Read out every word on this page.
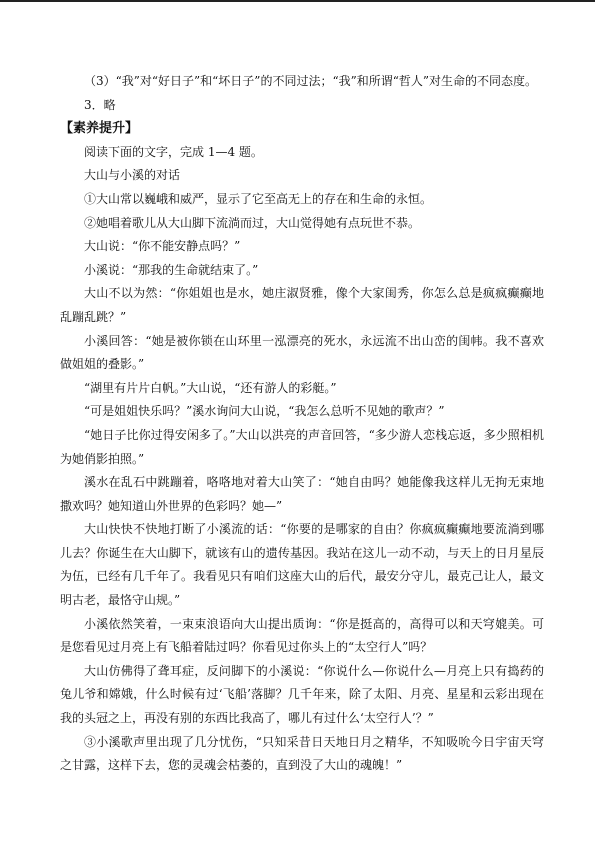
（3）“我”对“好日子”和“坏日子”的不同过法；“我”和所谓“哲人”对生命的不同态度。

3．略

【素养提升】

阅读下面的文字，完成 1—4 题。

大山与小溪的对话

①大山常以巍峨和威严，显示了它至高无上的存在和生命的永恒。

②她唱着歌儿从大山脚下流淌而过，大山觉得她有点玩世不恭。

大山说：“你不能安静点吗？”

小溪说：“那我的生命就结束了。”

大山不以为然：“你姐姐也是水，她庄淑贤雅，像个大家闺秀，你怎么总是疯疯癫癫地乱蹦乱跳？”

小溪回答：“她是被你锁在山环里一泓漂亮的死水，永远流不出山峦的闺帏。我不喜欢做姐姐的叠影。”

“湖里有片片白帆。”大山说，“还有游人的彩艇。”

“可是姐姐快乐吗？”溪水询问大山说，“我怎么总听不见她的歌声？”

“她日子比你过得安闲多了。”大山以洪亮的声音回答，“多少游人恋栈忘返，多少照相机为她俏影拍照。”

溪水在乱石中跳蹦着，咯咯地对着大山笑了：“她自由吗？她能像我这样儿无拘无束地撒欢吗？她知道山外世界的色彩吗？她—”

大山快快不快地打断了小溪流的话：“你要的是哪家的自由？你疯疯癫癫地要流淌到哪儿去？你诞生在大山脚下，就该有山的遗传基因。我站在这儿一动不动，与天上的日月星辰为伍，已经有几千年了。我看见只有咱们这座大山的后代，最安分守儿，最克己让人，最文明古老，最恪守山规。”

小溪依然笑着，一束束浪语向大山提出质询：“你是挺高的，高得可以和天穹媲美。可是您看见过月亮上有飞船着陆过吗？你看见过你头上的“太空行人”吗？

大山仿佛得了聋耳症，反问脚下的小溪说：“你说什么—你说什么—月亮上只有捣药的兔儿爷和嫦娥，什么时候有过‘飞船’落脚？几千年来，除了太阳、月亮、星星和云彩出现在我的头冠之上，再没有别的东西比我高了，哪儿有过什么‘太空行人’？”

③小溪歌声里出现了几分忧伤，“只知采昔日天地日月之精华，不知吸吮今日宇宙天穹之甘露，这样下去，您的灵魂会枯萎的，直到没了大山的魂魄！”
